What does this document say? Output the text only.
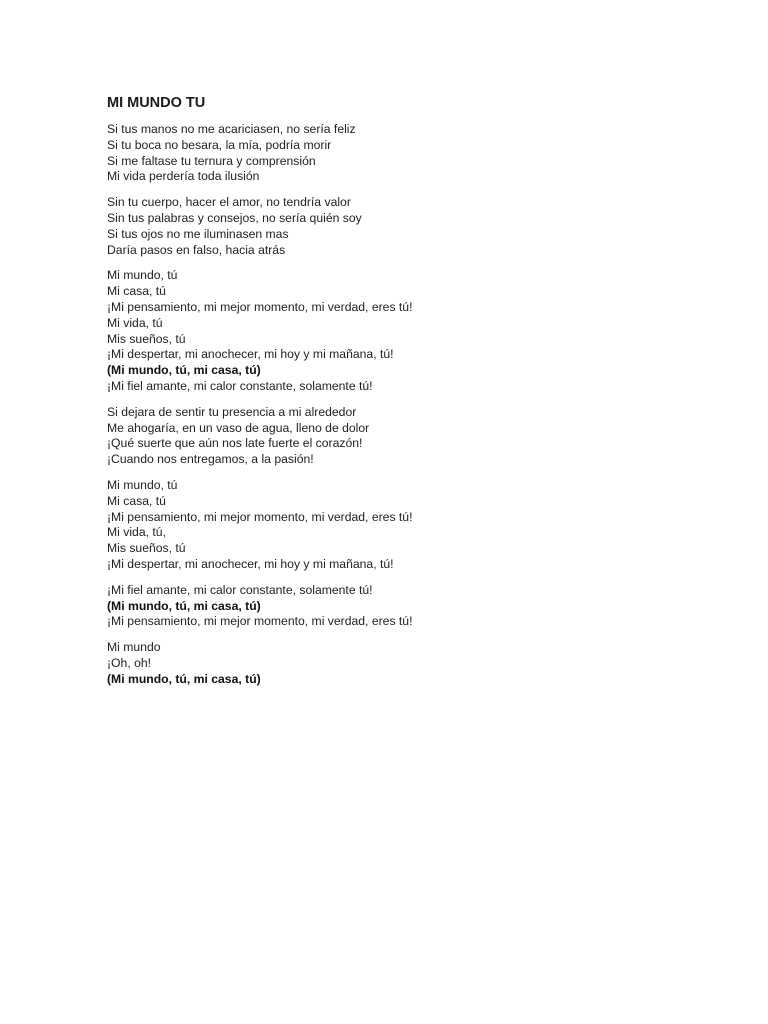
MI MUNDO TU
Si tus manos no me acariciasen, no sería feliz
Si tu boca no besara, la mía, podría morir
Si me faltase tu ternura y comprensión
Mi vida perdería toda ilusión
Sin tu cuerpo, hacer el amor, no tendría valor
Sin tus palabras y consejos, no sería quién soy
Si tus ojos no me iluminasen mas
Daría pasos en falso, hacia atrás
Mi mundo, tú
Mi casa, tú
¡Mi pensamiento, mi mejor momento, mi verdad, eres tú!
Mi vida, tú
Mis sueños, tú
¡Mi despertar, mi anochecer, mi hoy y mi mañana, tú!
(Mi mundo, tú, mi casa, tú)
¡Mi fiel amante, mi calor constante, solamente tú!
Si dejara de sentir tu presencia a mi alrededor
Me ahogaría, en un vaso de agua, lleno de dolor
¡Qué suerte que aún nos late fuerte el corazón!
¡Cuando nos entregamos, a la pasión!
Mi mundo, tú
Mi casa, tú
¡Mi pensamiento, mi mejor momento, mi verdad, eres tú!
Mi vida, tú,
Mis sueños, tú
¡Mi despertar, mi anochecer, mi hoy y mi mañana, tú!
¡Mi fiel amante, mi calor constante, solamente tú!
(Mi mundo, tú, mi casa, tú)
¡Mi pensamiento, mi mejor momento, mi verdad, eres tú!
Mi mundo
¡Oh, oh!
(Mi mundo, tú, mi casa, tú)
